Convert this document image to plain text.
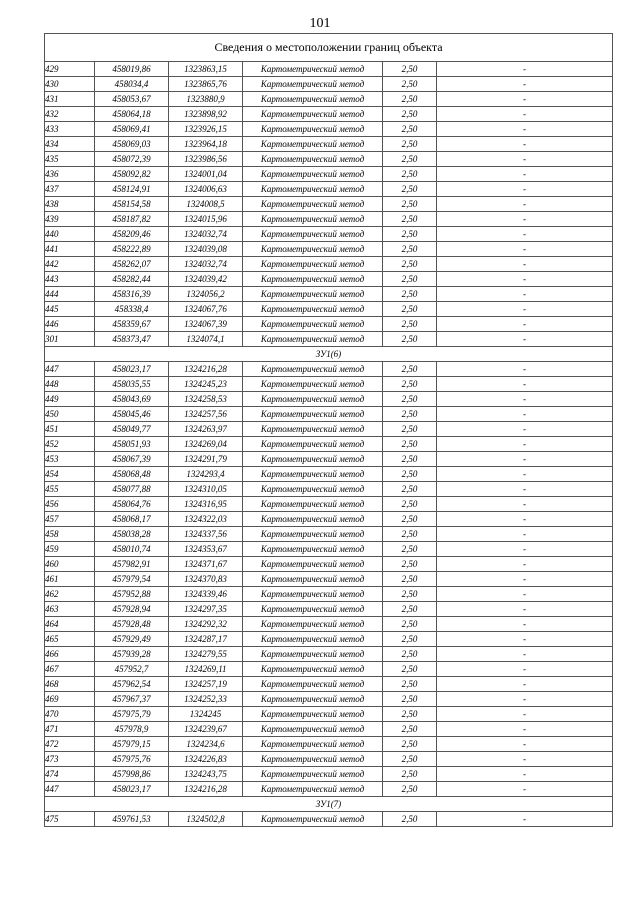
101
Сведения о местоположении границ объекта					
429	458019,86	1323863,15	Картометрический метод	2,50	-
430	458034,4	1323865,76	Картометрический метод	2,50	-
431	458053,67	1323880,9	Картометрический метод	2,50	-
432	458064,18	1323898,92	Картометрический метод	2,50	-
433	458069,41	1323926,15	Картометрический метод	2,50	-
434	458069,03	1323964,18	Картометрический метод	2,50	-
435	458072,39	1323986,56	Картометрический метод	2,50	-
436	458092,82	1324001,04	Картометрический метод	2,50	-
437	458124,91	1324006,63	Картометрический метод	2,50	-
438	458154,58	1324008,5	Картометрический метод	2,50	-
439	458187,82	1324015,96	Картометрический метод	2,50	-
440	458209,46	1324032,74	Картометрический метод	2,50	-
441	458222,89	1324039,08	Картометрический метод	2,50	-
442	458262,07	1324032,74	Картометрический метод	2,50	-
443	458282,44	1324039,42	Картометрический метод	2,50	-
444	458316,39	1324056,2	Картометрический метод	2,50	-
445	458338,4	1324067,76	Картометрический метод	2,50	-
446	458359,67	1324067,39	Картометрический метод	2,50	-
301	458373,47	1324074,1	Картометрический метод	2,50	-
ЗУ1(6)					
447	458023,17	1324216,28	Картометрический метод	2,50	-
448	458035,55	1324245,23	Картометрический метод	2,50	-
449	458043,69	1324258,53	Картометрический метод	2,50	-
450	458045,46	1324257,56	Картометрический метод	2,50	-
451	458049,77	1324263,97	Картометрический метод	2,50	-
452	458051,93	1324269,04	Картометрический метод	2,50	-
453	458067,39	1324291,79	Картометрический метод	2,50	-
454	458068,48	1324293,4	Картометрический метод	2,50	-
455	458077,88	1324310,05	Картометрический метод	2,50	-
456	458064,76	1324316,95	Картометрический метод	2,50	-
457	458068,17	1324322,03	Картометрический метод	2,50	-
458	458038,28	1324337,56	Картометрический метод	2,50	-
459	458010,74	1324353,67	Картометрический метод	2,50	-
460	457982,91	1324371,67	Картометрический метод	2,50	-
461	457979,54	1324370,83	Картометрический метод	2,50	-
462	457952,88	1324339,46	Картометрический метод	2,50	-
463	457928,94	1324297,35	Картометрический метод	2,50	-
464	457928,48	1324292,32	Картометрический метод	2,50	-
465	457929,49	1324287,17	Картометрический метод	2,50	-
466	457939,28	1324279,55	Картометрический метод	2,50	-
467	457952,7	1324269,11	Картометрический метод	2,50	-
468	457962,54	1324257,19	Картометрический метод	2,50	-
469	457967,37	1324252,33	Картометрический метод	2,50	-
470	457975,79	1324245	Картометрический метод	2,50	-
471	457978,9	1324239,67	Картометрический метод	2,50	-
472	457979,15	1324234,6	Картометрический метод	2,50	-
473	457975,76	1324226,83	Картометрический метод	2,50	-
474	457998,86	1324243,75	Картометрический метод	2,50	-
447	458023,17	1324216,28	Картометрический метод	2,50	-
ЗУ1(7)					
475	459761,53	1324502,8	Картометрический метод	2,50	-
